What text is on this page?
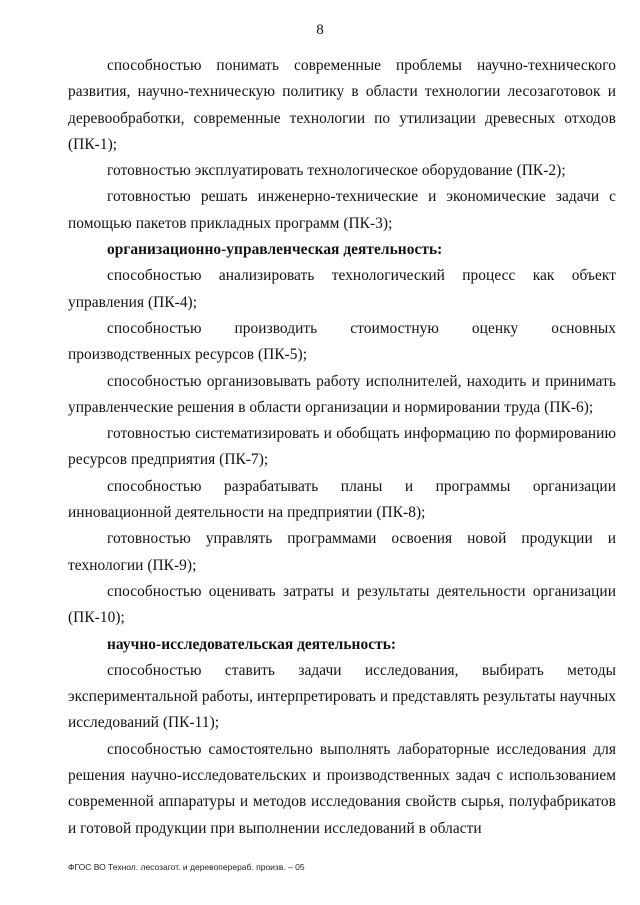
8

способностью понимать современные проблемы научно-технического развития, научно-техническую политику в области технологии лесозаготовок и деревообработки, современные технологии по утилизации древесных отходов (ПК-1);

готовностью эксплуатировать технологическое оборудование (ПК-2);

готовностью решать инженерно-технические и экономические задачи с помощью пакетов прикладных программ (ПК-3);

организационно-управленческая деятельность:

способностью анализировать технологический процесс как объект управления (ПК-4);

способностью производить стоимостную оценку основных производственных ресурсов (ПК-5);

способностью организовывать работу исполнителей, находить и принимать управленческие решения в области организации и нормировании труда (ПК-6);

готовностью систематизировать и обобщать информацию по формированию ресурсов предприятия (ПК-7);

способностью разрабатывать планы и программы организации инновационной деятельности на предприятии (ПК-8);

готовностью управлять программами освоения новой продукции и технологии (ПК-9);

способностью оценивать затраты и результаты деятельности организации (ПК-10);

научно-исследовательская деятельность:

способностью ставить задачи исследования, выбирать методы экспериментальной работы, интерпретировать и представлять результаты научных исследований (ПК-11);

способностью самостоятельно выполнять лабораторные исследования для решения научно-исследовательских и производственных задач с использованием современной аппаратуры и методов исследования свойств сырья, полуфабрикатов и готовой продукции при выполнении исследований в области

ФГОС ВО Технол. лесозагот. и деревоперераб. произв. – 05
